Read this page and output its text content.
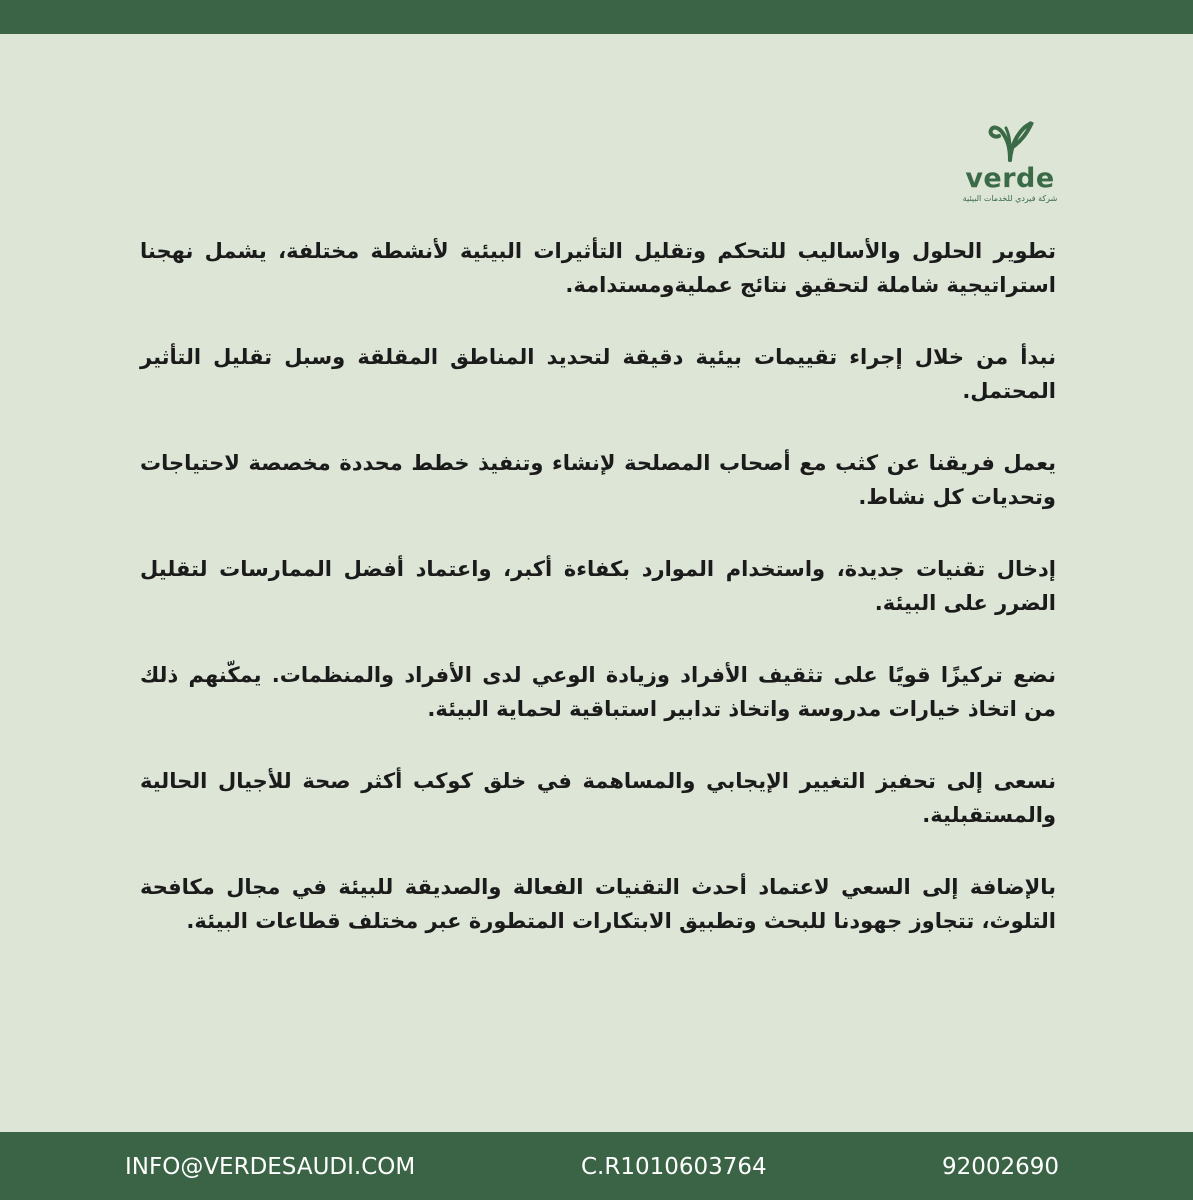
verde
شركة فيردي للخدمات البيئية

تطوير الحلول والأساليب للتحكم وتقليل التأثيرات البيئية لأنشطة مختلفة، يشمل نهجنا استراتيجية شاملة لتحقيق نتائج عمليةومستدامة.

نبدأ من خلال إجراء تقييمات بيئية دقيقة لتحديد المناطق المقلقة وسبل تقليل التأثير المحتمل.

يعمل فريقنا عن كثب مع أصحاب المصلحة لإنشاء وتنفيذ خطط محددة مخصصة لاحتياجات وتحديات كل نشاط.

إدخال تقنيات جديدة، واستخدام الموارد بكفاءة أكبر، واعتماد أفضل الممارسات لتقليل الضرر على البيئة.

نضع تركيزًا قويًا على تثقيف الأفراد وزيادة الوعي لدى الأفراد والمنظمات. يمكّنهم ذلك من اتخاذ خيارات مدروسة واتخاذ تدابير استباقية لحماية البيئة.

نسعى إلى تحفيز التغيير الإيجابي والمساهمة في خلق كوكب أكثر صحة للأجيال الحالية والمستقبلية.

بالإضافة إلى السعي لاعتماد أحدث التقنيات الفعالة والصديقة للبيئة في مجال مكافحة التلوث، تتجاوز جهودنا للبحث وتطبيق الابتكارات المتطورة عبر مختلف قطاعات البيئة.

INFO@VERDESAUDI.COM	C.R1010603764	92002690
